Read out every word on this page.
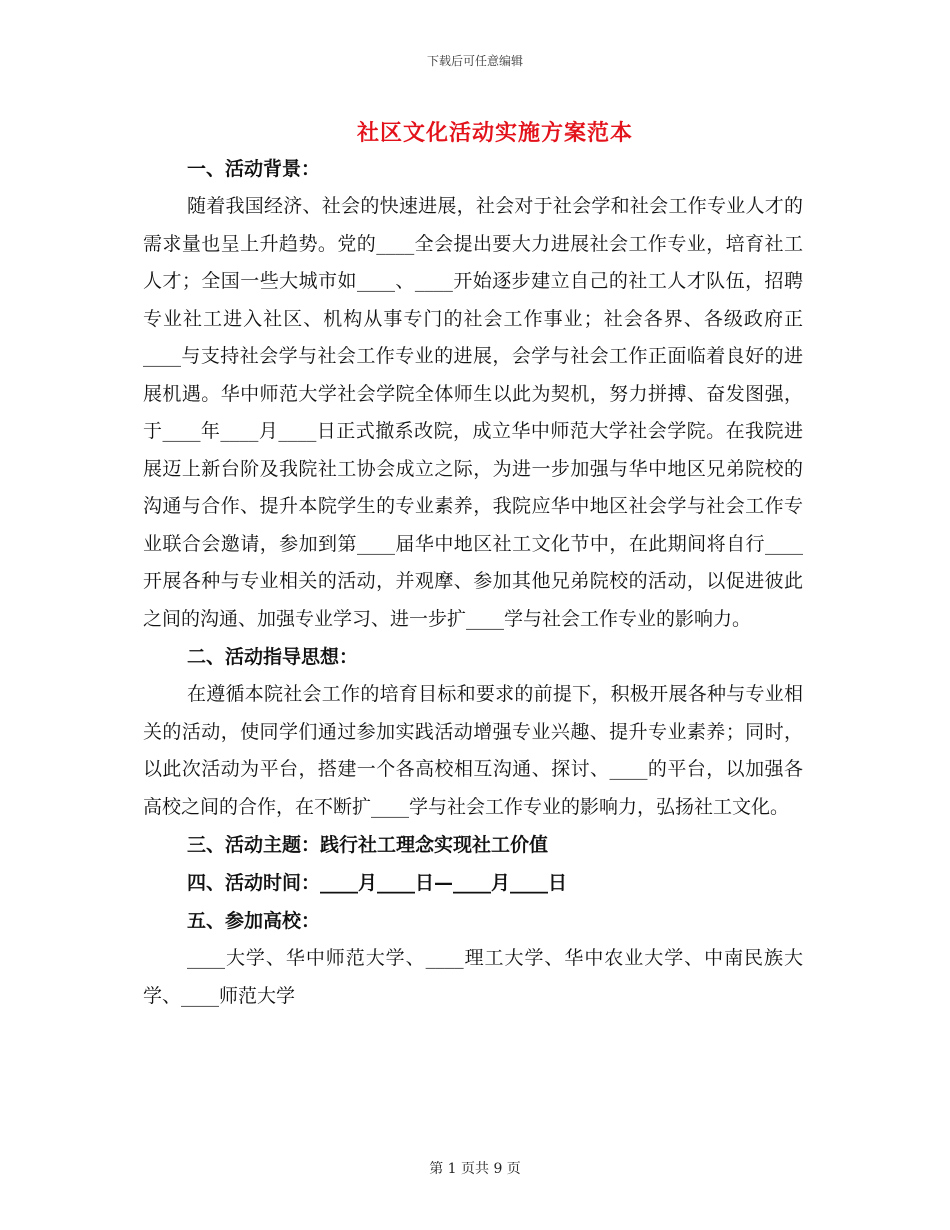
下载后可任意编辑
社区文化活动实施方案范本
一、活动背景：

随着我国经济、社会的快速进展，社会对于社会学和社会工作专业人才的需求量也呈上升趋势。党的____全会提出要大力进展社会工作专业，培育社工人才；全国一些大城市如____、____开始逐步建立自己的社工人才队伍，招聘专业社工进入社区、机构从事专门的社会工作事业；社会各界、各级政府正____与支持社会学与社会工作专业的进展，会学与社会工作正面临着良好的进展机遇。华中师范大学社会学院全体师生以此为契机，努力拼搏、奋发图强，于____年____月____日正式撤系改院，成立华中师范大学社会学院。在我院进展迈上新台阶及我院社工协会成立之际，为进一步加强与华中地区兄弟院校的沟通与合作、提升本院学生的专业素养，我院应华中地区社会学与社会工作专业联合会邀请，参加到第____届华中地区社工文化节中，在此期间将自行____开展各种与专业相关的活动，并观摩、参加其他兄弟院校的活动，以促进彼此之间的沟通、加强专业学习、进一步扩____学与社会工作专业的影响力。

二、活动指导思想：

在遵循本院社会工作的培育目标和要求的前提下，积极开展各种与专业相关的活动，使同学们通过参加实践活动增强专业兴趣、提升专业素养；同时，以此次活动为平台，搭建一个各高校相互沟通、探讨、____的平台，以加强各高校之间的合作，在不断扩____学与社会工作专业的影响力，弘扬社工文化。

三、活动主题：践行社工理念实现社工价值
四、活动时间：____月____日—____月____日
五、参加高校：

____大学、华中师范大学、____理工大学、华中农业大学、中南民族大学、____师范大学

第 1 页共 9 页
